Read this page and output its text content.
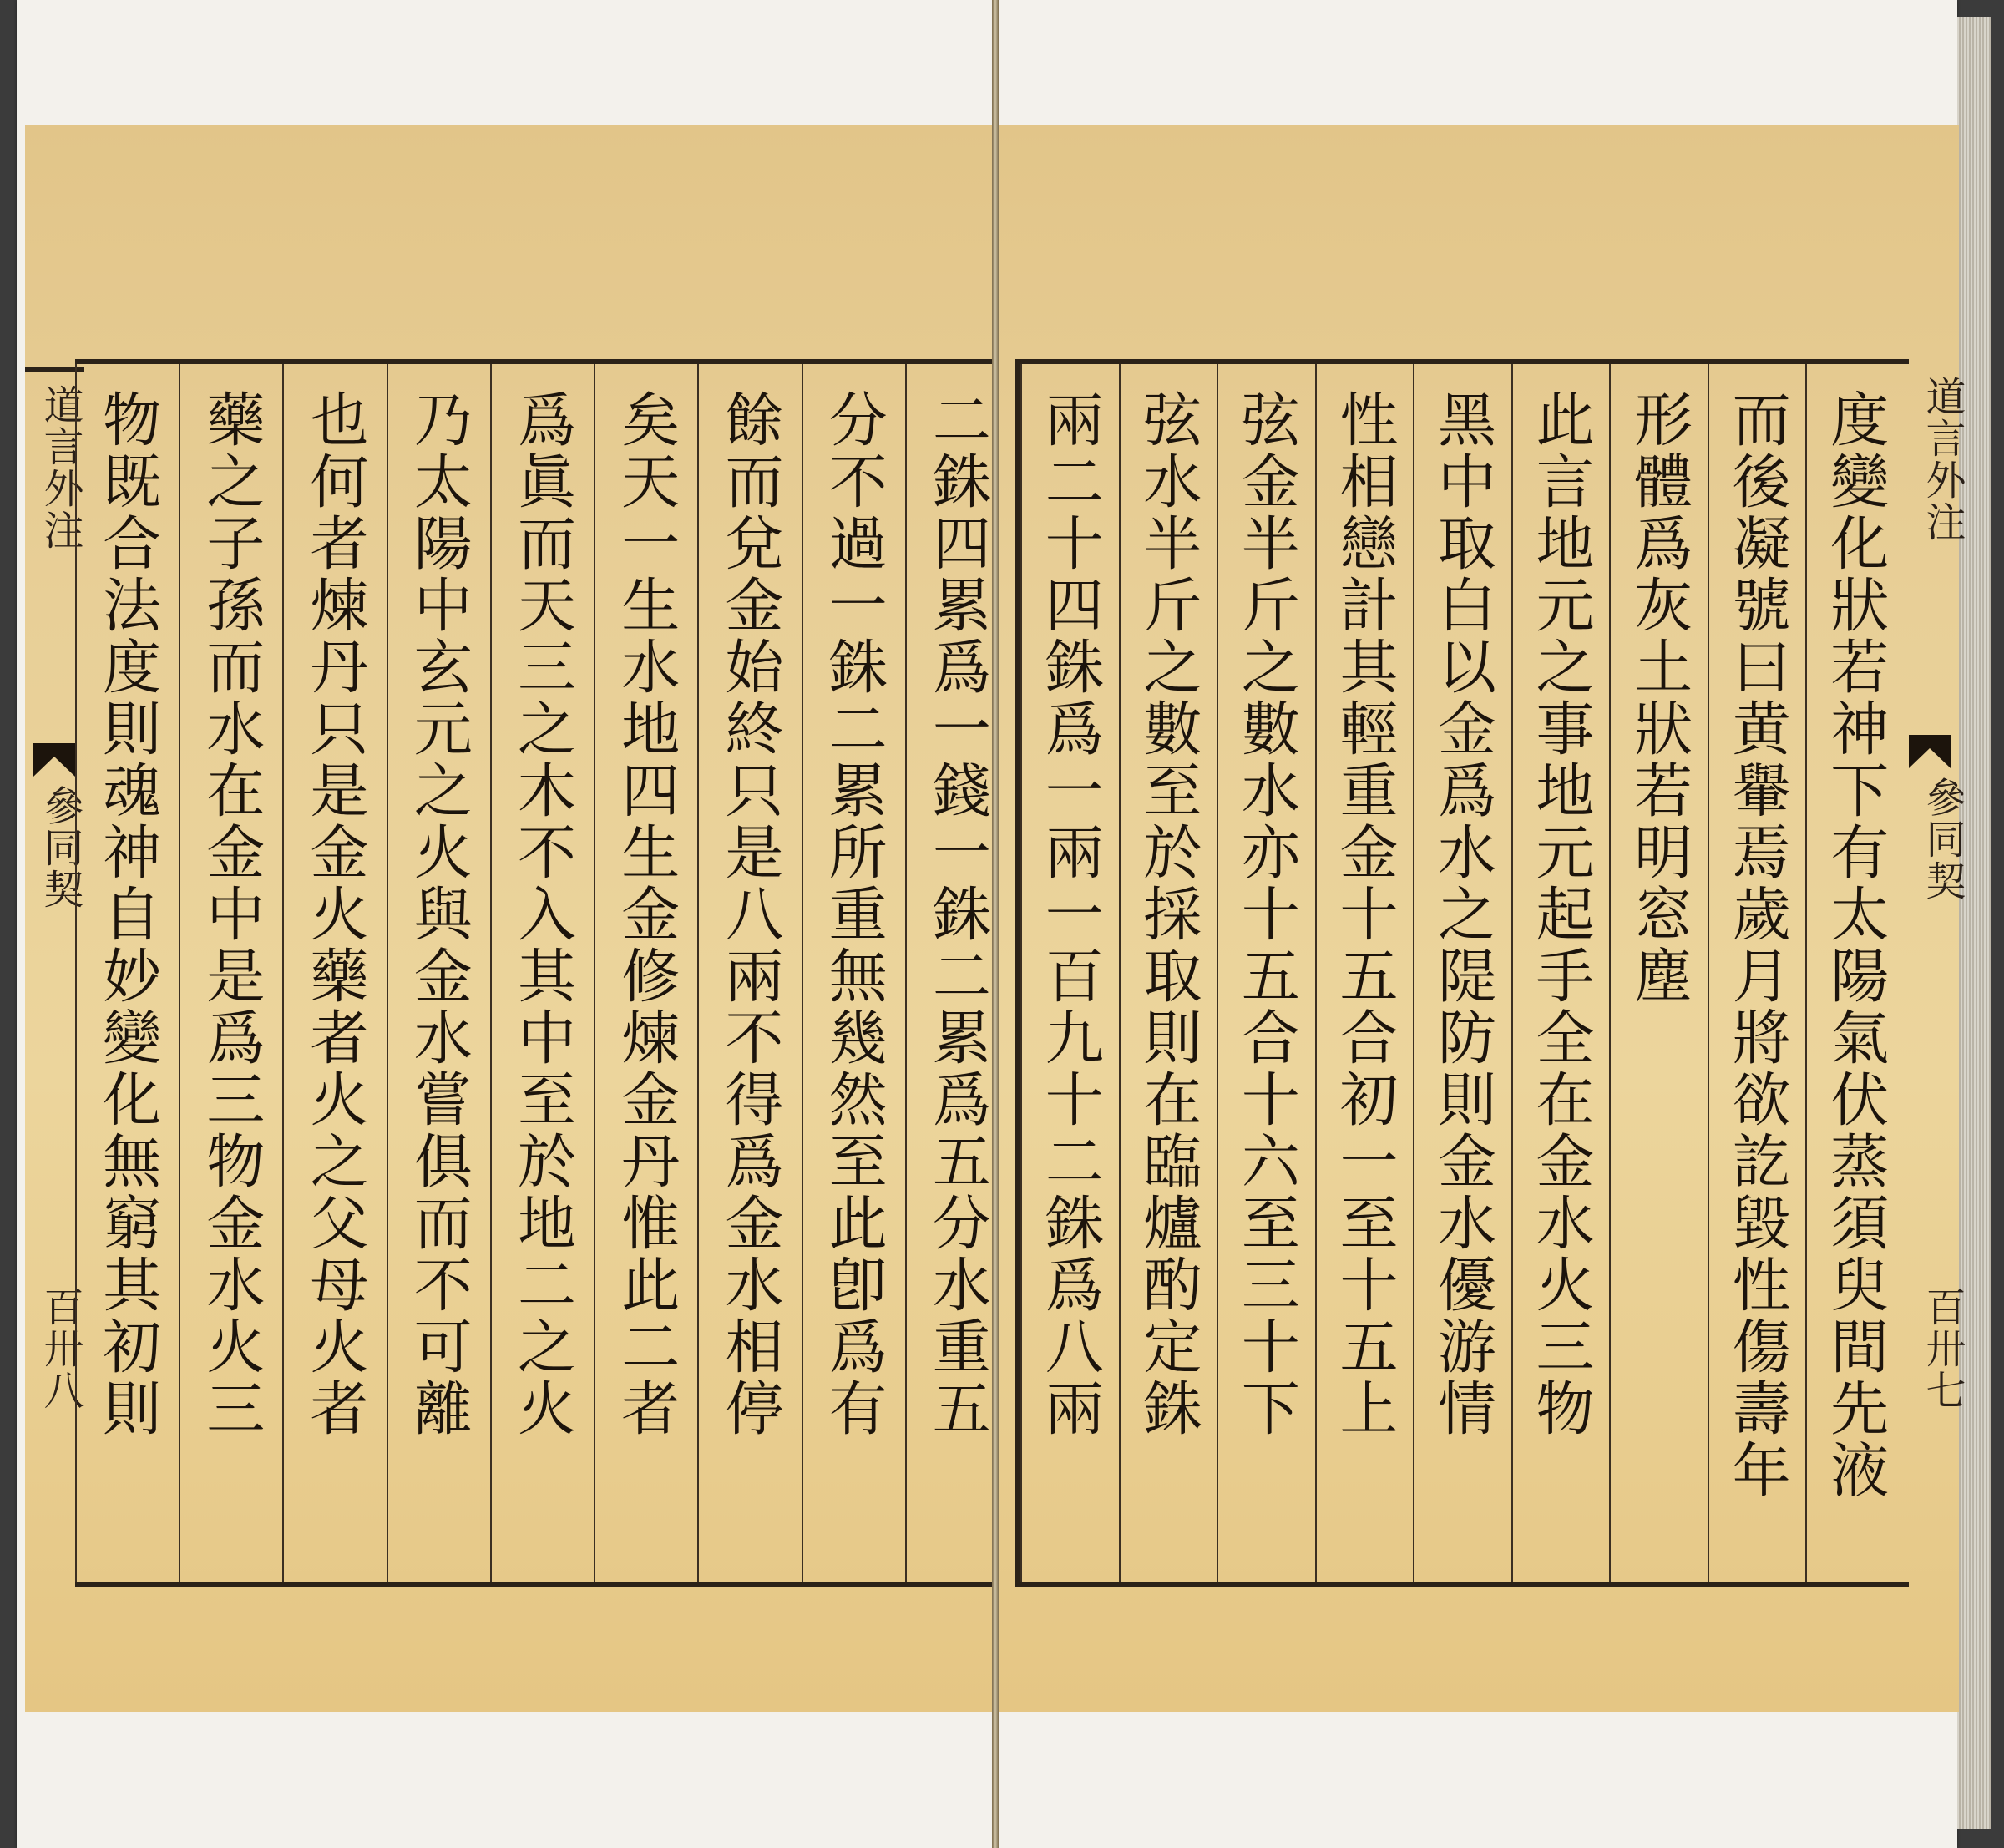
道言外注
參同契
百卅八	二銖四累爲一錢一銖二累爲五分水重五
分不過一銖二累所重無幾然至此卽爲有
餘而兌金始終只是八兩不得爲金水相停
矣天一生水地四生金修煉金丹惟此二者
爲眞而天三之木不入其中至於地二之火
乃太陽中玄元之火與金水嘗俱而不可離
也何者煉丹只是金火藥者火之父母火者
藥之子孫而水在金中是爲三物金水火三
物既合法度則魂神自妙變化無窮其初則	度變化狀若神下有太陽氣伏蒸須臾間先液
而後凝號曰黄轝焉歲月將欲訖毀性傷壽年
形體爲灰土狀若明窓塵
此言地元之事地元起手全在金水火三物
黑中取白以金爲水之隄防則金水優游情
性相戀計其輕重金十五合初一至十五上
弦金半斤之數水亦十五合十六至三十下
弦水半斤之數至於採取則在臨爐酌定銖
兩二十四銖爲一兩一百九十二銖爲八兩	道言外注
參同契
百卅七
